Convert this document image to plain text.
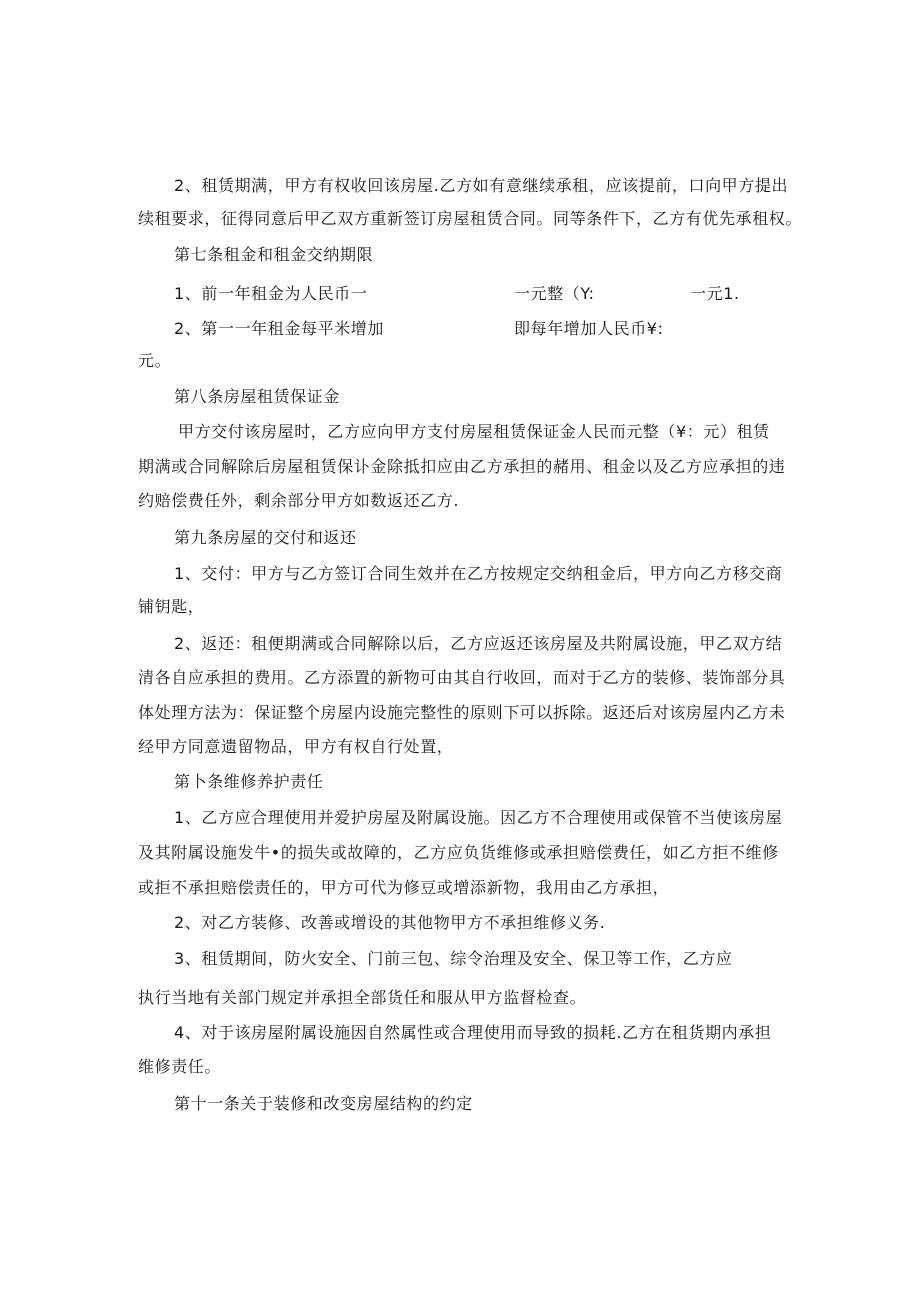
2、租赁期满，甲方有权收回该房屋.乙方如有意继续承租，应该提前，口向甲方提出
续租要求，征得同意后甲乙双方重新签订房屋租赁合同。同等条件下，乙方有优先承租权。
第七条租金和租金交纳期限
1、前一年租金为人民币一	一元整（Y:	一元1.
2、第一一年租金每平米增加	即每年增加人民币¥:
元。
第八条房屋租赁保证金
甲方交付该房屋时，乙方应向甲方支付房屋租赁保证金人民而元整（¥：元）租赁
期满或合同解除后房屋租赁保讣金除抵扣应由乙方承担的赭用、租金以及乙方应承担的违
约赔偿费任外，剩余部分甲方如数返还乙方.
第九条房屋的交付和返还
1、交付：甲方与乙方签订合同生效并在乙方按规定交纳租金后，甲方向乙方移交商
铺钥匙，
2、返还：租便期满或合同解除以后，乙方应返还该房屋及共附属设施，甲乙双方结
清各自应承担的费用。乙方添置的新物可由其自行收回，而对于乙方的装修、装饰部分具
体处理方法为：保证整个房屋内设施完整性的原则下可以拆除。返还后对该房屋内乙方未
经甲方同意遗留物品，甲方有权自行处置，
第卜条维修养护责任
1、乙方应合理使用并爱护房屋及附属设施。因乙方不合理使用或保管不当使该房屋
及其附属设施发牛•的损失或故障的，乙方应负货维修或承担赔偿费任，如乙方拒不维修
或拒不承担赔偿责任的，甲方可代为修豆或增添新物，我用由乙方承担，
2、对乙方装修、改善或增设的其他物甲方不承担维修义务.
3、租赁期间，防火安全、门前三包、综令治理及安全、保卫等工作，乙方应
执行当地有关部门规定并承担全部货任和服从甲方监督检查。
4、对于该房屋附属设施因自然属性或合理使用而导致的损耗.乙方在租货期内承担
维修责任。
第十一条关于装修和改变房屋结构的约定
